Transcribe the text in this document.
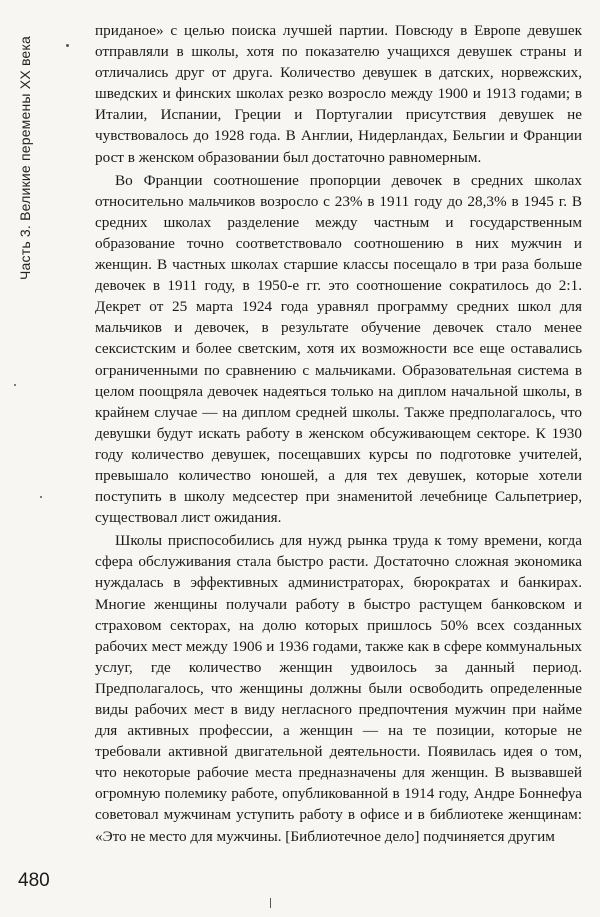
Часть 3. Великие перемены XX века

приданое» с целью поиска лучшей партии. Повсюду в Европе девушек отправляли в школы, хотя по показателю учащихся девушек страны и отличались друг от друга. Количество девушек в датских, норвежских, шведских и финских школах резко возросло между 1900 и 1913 годами; в Италии, Испании, Греции и Португалии присутствия девушек не чувствовалось до 1928 года. В Англии, Нидерландах, Бельгии и Франции рост в женском образовании был достаточно равномерным.

Во Франции соотношение пропорции девочек в средних школах относительно мальчиков возросло с 23% в 1911 году до 28,3% в 1945 г. В средних школах разделение между частным и государственным образование точно соответствовало соотношению в них мужчин и женщин. В частных школах старшие классы посещало в три раза больше девочек в 1911 году, в 1950-е гг. это соотношение сократилось до 2:1. Декрет от 25 марта 1924 года уравнял программу средних школ для мальчиков и девочек, в результате обучение девочек стало менее сексистским и более светским, хотя их возможности все еще оставались ограниченными по сравнению с мальчиками. Образовательная система в целом поощряла девочек надеяться только на диплом начальной школы, в крайнем случае — на диплом средней школы. Также предполагалось, что девушки будут искать работу в женском обсуживающем секторе. К 1930 году количество девушек, посещавших курсы по подготовке учителей, превышало количество юношей, а для тех девушек, которые хотели поступить в школу медсестер при знаменитой лечебнице Сальпетриер, существовал лист ожидания.

Школы приспособились для нужд рынка труда к тому времени, когда сфера обслуживания стала быстро расти. Достаточно сложная экономика нуждалась в эффективных администраторах, бюрократах и банкирах. Многие женщины получали работу в быстро растущем банковском и страховом секторах, на долю которых пришлось 50% всех созданных рабочих мест между 1906 и 1936 годами, также как в сфере коммунальных услуг, где количество женщин удвоилось за данный период. Предполагалось, что женщины должны были освободить определенные виды рабочих мест в виду негласного предпочтения мужчин при найме для активных профессии, а женщин — на те позиции, которые не требовали активной двигательной деятельности. Появилась идея о том, что некоторые рабочие места предназначены для женщин. В вызвавшей огромную полемику работе, опубликованной в 1914 году, Андре Боннефуа советовал мужчинам уступить работу в офисе и в библиотеке женщинам: «Это не место для мужчины. [Библиотечное дело] подчиняется другим

480
